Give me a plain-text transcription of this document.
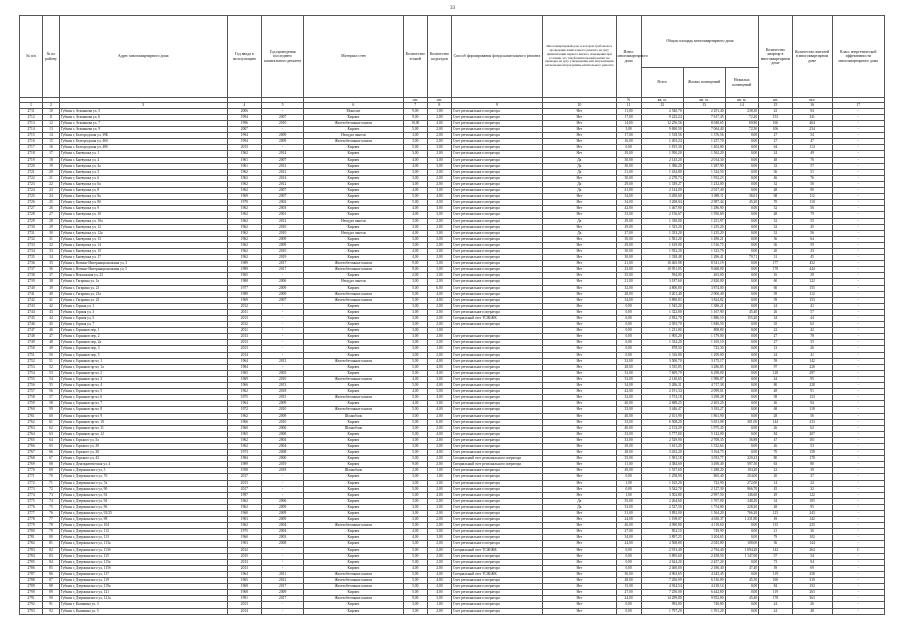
33
№ п/п	№ по району	Адрес многоквартирного дома	Год ввода в эксплуатацию	Год проведения последнего капитального ремонта	Материал стен	Количество этажей	Количество подъездов	Способ формирования фонда капитального ремонта	Многоквартирный дом, в котором требовалось проведение капитального ремонта на дату приватизации первого жилого помещения при условии, что такой капитальный ремонт не проведен на дату утверждения или актуализации региональной программы капитального ремонта	Износ многоквартирного дома	Общая площадь многоквартирного дома			Количество квартир в многоквартирном доме	Количество жителей в многоквартирном доме	Класс энергетической эффективности многоквартирного дома
											Всего	Жилых помещений	Нежилых помещений			
						шт.	шт.			%	кв. м.	кв. м.	кв. м.	шт.	чел.	
1	2	3	4	5	6	7	8	9	10	11	12	13	14	15	16	17
2711	10	Губкин г, Атаманова ул, 5	2006	-	Монолит	9,00	1,00	Счет регионального оператора	Нет	11,00	2 540,70	2 291,40	238,30	42	94	-
2712	11	Губкин г, Атаманова ул, 6	1994	2007	Кирпич	9,00	2,00	Счет регионального оператора	Нет	17,00	9 225,24	7 617,45	72,20	153	341	-
2713	12	Губкин г, Атаманова ул, 7	1996	2010	Железобетонные панели	10,00	4,00	Счет регионального оператора	Нет	14,00	12 256,56	8 048,65	69,80	166	464	-
2714	13	Губкин г, Атаманова ул, 9	2007	-	Кирпич	5,00	2,00	Счет регионального оператора	Нет	5,00	9 690,50	7 064,40	72,50	106	234	-
2715	14	Губкин г, Белгородская ул, 39Б	1994	2009	Неоцдат панели	3,00	2,00	Счет регионального оператора	Нет	17,00	1 518,56	1 376,56	0,00	27	54	-
2716	15	Губкин г, Белгородская ул, 46б	1994	2009	Железобетонные панели	3,00	2,00	Счет регионального оператора	Нет	16,00	1 403,24	1 257,70	0,00	27	47	-
2717	16	Губкин г, Белгородская ул, 48б	2013	-	Кирпич	5,00	3,00	Счет регионального оператора	Нет	0,00	1 815,30	1 402,80	0,00	64	114	-
2718	17	Губкин г, Бжевушка ул, 1	1962	2014	Кирпич	3,00	2,00	Счет регионального оператора	Нет	29,00	1 950,20	1 562,20	0,00	24	49	-
2719	18	Губкин г, Бжевушка ул, 4	1961	2007	Кирпич	4,00	3,00	Счет регионального оператора	Да	30,00	2 145,20	2 014,30	0,00	48	76	-
2720	19	Губкин г, Бжевушка ул, 4а	1961	2012	Кирпич	4,00	3,00	Счет регионального оператора	Да	30,00	1 386,20	1 287,90	0,00	32	57	-
2721	20	Губкин г, Бжевушка ул, 5	1962	2012	Кирпич	3,00	2,00	Счет регионального оператора	Да	31,00	1 434,80	1 324,50	0,00	36	51	-
2722	21	Губкин г, Бжевушка ул, 6	1962	2014	Кирпич	3,00	2,00	Счет регионального оператора	Нет	30,00	2 278,73	1 952,23	0,00	46	76	-
2723	22	Губкин г, Бжевушка ул, 6а	1962	2012	Кирпич	3,00	2,00	Счет регионального оператора	Да	29,00	1 339,27	1 232,00	0,00	32	50	-
2724	23	Губкин г, Бжевушка ул, 8	1962	2007	Кирпич	4,00	3,00	Счет регионального оператора	Да	41,00	2 144,00	2 017,40	0,00	48	90	-
2725	24	Губкин г, Бжевушка ул, 8а	1969	2007	Кирпич	5,00	4,00	Счет регионального оператора	Нет	34,00	3 450,60	3 089,11	36,01	68	112	-
2726	25	Губкин г, Бжевушка ул, 8б	1970	2002	Кирпич	5,00	4,00	Счет регионального оператора	Нет	34,00	3 268,04	2 987,44	45,20	70	110	-
2727	26	Губкин г, Бжевушка ул, 9	1962	2003	Кирпич	4,00	3,00	Счет регионального оператора	Нет	42,00	1 467,90	1 286,90	0,00	32	56	-
2728	27	Губкин г, Бжевушка ул, 10	1962	2001	Кирпич	4,00	3,00	Счет регионального оператора	Нет	33,00	2 156,67	1 950,69	0,00	48	79	-
2729	28	Губкин г, Бжевушка ул, 10а	1962	2012	Неоцдат панели	3,00	2,00	Счет регионального оператора	Да	29,00	1 330,00	1 251,97	0,00	32	55	-
2730	29	Губкин г, Бжевушка ул, 12	1962	2010	Кирпич	3,00	2,00	Счет регионального оператора	Нет	29,00	1 333,20	1 235,20	0,00	32	45	-
2731	30	Губкин г, Бжевушка ул, 12а	1962	2010	Неоцдат панели	4,00	3,00	Счет регионального оператора	Да	27,00	1 333,20	1 235,20	0,00	32	56	-
2732	31	Губкин г, Бжевушка ул, 13	1962	2009	Кирпич	3,00	3,00	Счет регионального оператора	Нет	30,00	1 581,20	1 490,21	0,00	36	64	-
2733	32	Губкин г, Бжевушка ул, 14	1962	2009	Кирпич	3,00	2,00	Счет регионального оператора	Нет	29,00	1 619,00	1 516,75	0,00	36	59	-
2734	33	Губкин г, Бжевушка ул, 15	1962	2010	Кирпич	4,00	2,00	Счет регионального оператора	Нет	30,00	1 932,20	1 323,79	0,00	20	43	-
2735	34	Губкин г, Бжевушка ул, 17	1962	2019	Кирпич	4,00	2,00	Счет регионального оператора	Нет	30,00	1 338,48	1 286,41	79,71	31	45	-
2736	35	Губкин г, Военно-Интернациональная ул, 3	1989	2017	Железобетонные панели	9,00	3,00	Счет регионального оператора	Нет	21,00	10 465,08	8 541,19	0,00	177	452	-
2737	36	Губкин г, Военно-Интернациональная ул, 5	1989	2017	Железобетонные панели	9,00	3,00	Счет регионального оператора	Нет	23,00	10 951,05	9 668,00	0,00	178	444	-
2738	37	Губкин г, Вокзальная ул, 23	1965	-	Кирпич	2,00	2,00	Счет регионального оператора	Нет	35,00	594,00	463,00	0,00	16	29	-
2739	38	Губкин г, Гагарина ул, 1а	1988	2006	Неоцдат панели	3,00	2,00	Счет регионального оператора	Нет	21,00	3 187,60	2 820,00	0,00	60	122	-
2740	39	Губкин г, Гагарина ул, 21	1977	2009	Кирпич	5,00	6,00	Счет регионального оператора	Нет	32,00	4 800,80	3 874,00	0,00	60	155	-
2741	40	Губкин г, Гагарина ул, 21а	1989	2009	Железобетонные панели	5,00	4,00	Счет регионального оператора	Нет	28,00	3 201,40	2 906,40	0,00	59	112	-
2742	41	Губкин г, Гагарина ул, 23	1969	2007	Железобетонные панели	5,00	4,00	Счет регионального оператора	Нет	34,00	3 890,83	3 824,82	0,00	59	153	-
2743	42	Губкин г, Горная ул, 1	2012	-	Кирпич	3,00	2,00	Счет регионального оператора	Нет	0,00	1 545,20	1 386,21	0,00	24	41	-
2744	43	Губкин г, Горная ул, 3	2011	-	Кирпич	3,00	2,00	Счет регионального оператора	Нет	0,00	1 322,00	1 167,90	45,40	26	57	-
2745	44	Губкин г, Горная ул, 5	2013	-	Кирпич	3,00	2,00	Специальный счет ТСЖ/ЖК	Нет	0,00	2 832,70	1 886,10	155,20	34	44	-
2746	45	Губкин г, Горная ул, 7	2012	-	Кирпич	3,00	2,00	Счет регионального оператора	Нет	0,00	2 055,70	1 846,50	0,00	35	62	-
2747	46	Губкин г, Горняков пер, 1	2011	-	Кирпич	3,00	1,00		Нет	0,00	1 231,80	808,80	0,00	22	42	-
2748	47	Губкин г, Горняков пер, 2	2013	-	Кирпич	3,00	2,00	Счет регионального оператора	Нет	0,00	1 905,20	1 179,00	0,00	27	78	-
2749	48	Губкин г, Горняков пер, 2а	2013	-	Кирпич	3,00	2,00	Счет регионального оператора	Нет	0,00	1 334,20	1 165,10	0,00	27	55	-
2750	49	Губкин г, Горняков пер, 3	2013	-	Кирпич	3,00	1,00	Счет регионального оператора	Нет	0,00	878,50	723,30	0,00	13	26	-
2751	50	Губкин г, Горняков пер, 5	2014	-	Кирпич	3,00	2,00	Счет регионального оператора	Нет	0,00	1 316,80	1 209,00	0,00	24	41	-
2752	51	Губкин г, Горняков пр-кт, 1	1964	2013	Железобетонные панели	5,00	4,00	Счет регионального оператора	Нет	32,00	3 500,70	3 175,17	0,00	59	142	-
2753	52	Губкин г, Горняков пр-кт, 1а	1984	-	Кирпич	5,00	4,00	Счет регионального оператора	Нет	28,00	3 535,85	3 286,85	0,00	97	220	-
2754	53	Губкин г, Горняков пр-кт, 2	1965	2003	Кирпич	5,00	4,00	Счет регионального оператора	Нет	33,00	7 609,79	6 298,00	0,00	128	297	-
2755	54	Губкин г, Горняков пр-кт, 3	1969	2010	Железобетонные панели	4,00	3,00	Счет регионального оператора	Нет	33,00	2 140,65	1 986,87	0,00	44	95	-
2756	55	Губкин г, Горняков пр-кт, 4	1966	2013	Кирпич	5,00	4,00	Счет регионального оператора	Нет	34,00	5 286,31	4 717,38	0,00	80	228	-
2757	56	Губкин г, Горняков пр-кт, 5	1962	2018	Кирпич	4,00	3,00	Счет регионального оператора	Нет	42,00	2 191,34	2 099,01	0,00	48	91	-
2758	57	Губкин г, Горняков пр-кт, 6	1975	2015	Железобетонные панели	5,00	4,00	Счет регионального оператора	Нет	32,00	3 574,18	3 298,28	0,00	58	133	-
2759	58	Губкин г, Горняков пр-кт, 7	1964	2009	Кирпич	4,00	3,00	Счет регионального оператора	Нет	40,00	2 688,25	2 403,20	0,00	46	94	-
2760	59	Губкин г, Горняков пр-кт, 8	1972	2010	Железобетонные панели	5,00	4,00	Счет регионального оператора	Нет	33,00	3 446,47	3 182,27	0,00	68	118	-
2761	60	Губкин г, Горняков пр-кт, 9	1962	2009	Шлакоблок	3,00	2,00	Счет регионального оператора	Нет	40,00	2 101,90	1 861,90	0,00	28	56	-
2762	61	Губкин г, Горняков пр-кт, 10	1966	2010	Кирпич	5,00	6,00	Счет регионального оператора	Нет	33,00	6 508,20	5 651,08	301,00	144	233	-
2763	62	Губкин г, Горняков пр-кт, 11	1960	2006	Шлакоблок	3,00	2,00	Счет регионального оператора	Нет	40,00	2 153,29	1 975,45	0,00	26	62	-
2764	63	Губкин г, Горняков пр-кт, 12	1965	2008	Кирпич	5,00	4,00	Счет регионального оператора	Нет	33,00	5 777,00	5 142,00	0,00	84	207	-
2765	64	Губкин г, Горького ул, 5а	1962	2004	Кирпич	3,00	2,00	Счет регионального оператора	Нет	33,00	2 529,90	2 708,35	36,88	47	101	-
2766	65	Губкин г, Горького ул, 29	1962	2004	Кирпич	3,00	2,00	Счет регионального оператора	Нет	29,00	1 611,20	1 332,64	0,00	26	53	-
2767	66	Губкин г, Горького ул, 30	1973	2008	Кирпич	5,00	4,00	Счет регионального оператора	Нет	28,00	3 452,20	3 164,75	0,00	70	158	-
2768	67	Губкин г, Горького ул, 43	1984	2006	Кирпич	5,00	2,00	Специальный счет регионального оператора	Нет	35,00	1 581,18	3 033,77	220,23	80	178	-
2769	68	Губкин г, Демократическая ул, 4	1989	2019	Кирпич	9,00	2,00	Специальный счет регионального оператора	Нет	11,00	4 384,60	3 490,40	597,50	63	80	-
2770	69	Губкин г, Дзержинского ул, 5	1958	2018	Шлакоблок	2,00	1,00	Счет регионального оператора	Нет	49,00	1 537,60	1 288,20	104,20	22	39	-
2771	70	Губкин г, Дзержинского ул, 7б	2017	-	Кирпич	3,00	1,00	Счет регионального оператора	Нет	0,00	1 258,00	865,40	254,00	20	37	-
2772	71	Губкин г, Дзержинского ул, 7в	2013	-	Кирпич	3,00	2,00	Счет регионального оператора	Нет	1,00	1 165,20	722,90	272,00	14	22	-
2773	72	Губкин г, Дзержинского ул, 90	2017	-	Кирпич	5,00	2,00	Счет регионального оператора	Нет	0,00	3 542,70	2 127,30	866,70	45	32	-
2774	73	Губкин г, Дзержинского ул, 92	1997	-	Кирпич	5,00	4,00	Счет регионального оператора	Нет	1,00	3 502,80	2 997,50	146,60	49	122	-
2775	74	Губкин г, Дзержинского ул, 94	1962	2006	Кирпич	3,00	2,00	Счет регионального оператора	Да	35,00	2 264,60	1 767,00	248,20	34	105	-
2776	75	Губкин г, Дзержинского ул, 96	1962	2009	Кирпич	3,00	2,00	Счет регионального оператора	Да	33,00	2 527,50	1 754,80	228,20	48	95	-
2777	76	Губкин г, Дзержинского ул, 92/25	1960	2009	Кирпич	3,00	2,00	Счет регионального оператора	Нет	31,00	3 892,00	1 564,20	766,20	123	243	-
2778	77	Губкин г, Дзержинского ул, 98	1963	2009	Кирпич	3,00	2,00	Счет регионального оператора	Нет	24,00	1 198,07	4 630,37	1 231,80	49	142	-
2779	78	Губкин г, Дзержинского ул, 104	1962	2004	Железобетонные панели	5,00	2,00	Счет регионального оператора	Нет	46,00	4 990,80	4 118,60	0,00	135	225	-
2780	79	Губкин г, Дзержинского ул, 112	1975	2004	Кирпич	4,00	3,00	Счет регионального оператора	Нет	27,00	852,10	749,90	0,00	21	36	-
2781	80	Губкин г, Дзержинского ул, 113	1960	2003	Кирпич	4,00	3,00	Счет регионального оператора	Нет	34,00	3 897,25	3 204,65	0,00	79	102	-
2782	81	Губкин г, Дзержинского ул, 113а	1963	2008	Кирпич	3,00	2,00	Счет регионального оператора	Нет	24,00	2 568,80	2 025,80	108,00	36	144	-
2783	82	Губкин г, Дзержинского ул, 113б	2012	-	Кирпич	5,00	2,00	Специальный счет ТСЖ/ЖК	Нет	0,00	2 913,40	2 794,40	1 094,20	142	264	C
2784	83	Губкин г, Дзержинского ул, 115	2015	-	Кирпич	5,00	2,00	Счет регионального оператора	Нет	0,00	3 895,60	2 458,50	1 147,00	57	54	-
2785	84	Губкин г, Дзержинского ул, 115а	2013	-	Кирпич	5,00	2,00	Счет регионального оператора	Нет	0,00	2 624,20	2 457,20	0,00	73	94	-
2786	85	Губкин г, Дзержинского ул, 115б	2013	-	Кирпич	4,00	2,00	Счет регионального оператора	Нет	0,00	2 460,00	2 186,40	47,40	39	69	-
2787	86	Губкин г, Дзержинского ул, 117	1964	2011	Железобетонные панели	5,00	4,00	Специальный счет ТСЖ/ЖК	Нет	30,00	4 963,65	4 343,45	0,00	119	258	-
2788	87	Губкин г, Дзержинского ул, 119	1965	2012	Железобетонные панели	5,00	4,00	Счет регионального оператора	Нет	28,00	7 456,99	6 316,09	45,30	160	310	-
2789	88	Губкин г, Дзержинского ул, 119а	1969	2017	Железобетонные панели	5,00	4,00	Счет регионального оператора	Нет	15,00	4 924,54	4 418,14	0,00	84	152	-
2790	89	Губкин г, Дзержинского ул, 121	1968	2009	Кирпич	5,00	4,00	Счет регионального оператора	Нет	27,00	7 250,00	6 442,80	0,00	119	263	-
2791	90	Губкин г, Дзержинского ул, 121а	1991	2017	Железобетонные панели	9,00	3,00	Счет регионального оператора	Нет	24,00	14 299,80	9 952,80	45,40	178	363	-
2792	91	Губкин г, Калинина ул, 3	2013	-	Кирпич	3,00	1,00	Счет регионального оператора	Нет	0,00	992,00	746,80	0,00	24	26	-
2793	92	Губкин г, Калинина ул, 5	2014	-	Кирпич	3,00	2,00	Счет регионального оператора	Нет	0,00	1 797,20	1 591,20	0,00	24	48	-
